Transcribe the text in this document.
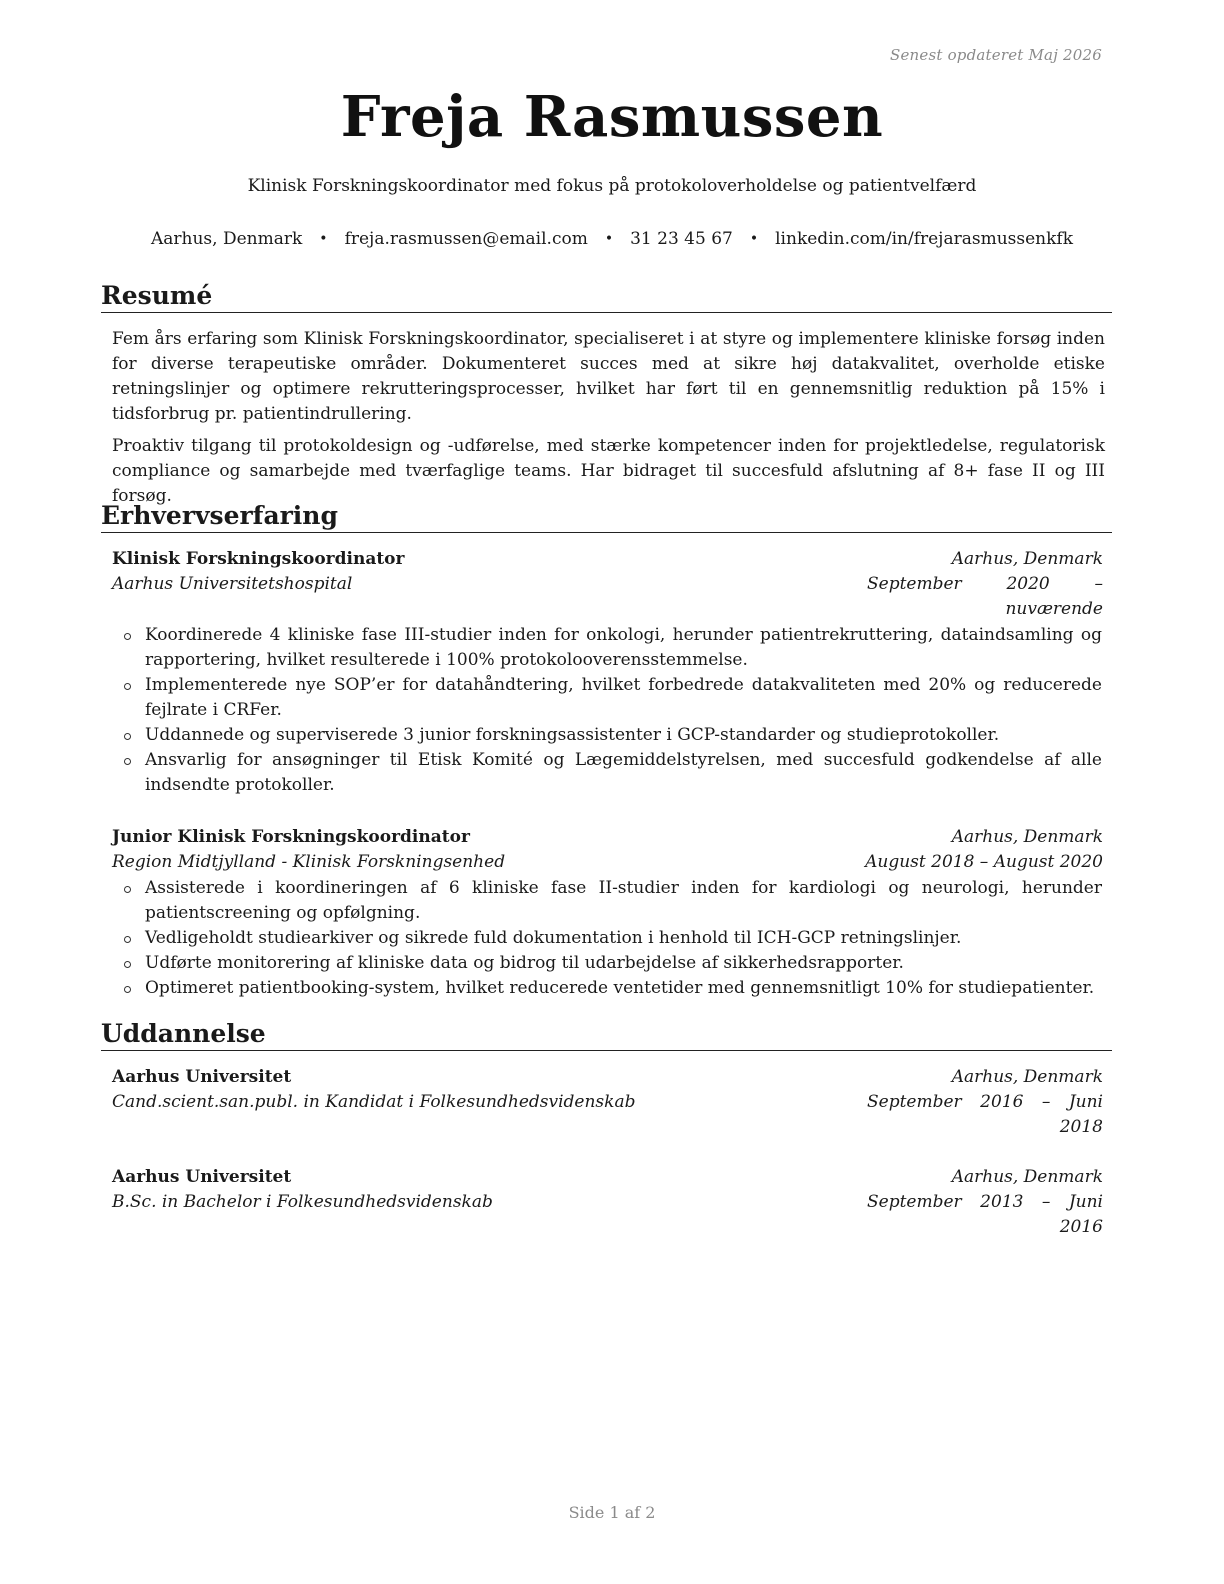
Senest opdateret Maj 2026
Freja Rasmussen
Klinisk Forskningskoordinator med fokus på protokoloverholdelse og patientvelfærd
Aarhus, Denmark • freja.rasmussen@email.com • 31 23 45 67 • linkedin.com/in/frejarasmussenkfk
Resumé
Fem års erfaring som Klinisk Forskningskoordinator, specialiseret i at styre og implementere kliniske forsøg inden for diverse terapeutiske områder. Dokumenteret succes med at sikre høj datakvalitet, overholde etiske retningslinjer og optimere rekrutteringsprocesser, hvilket har ført til en gennemsnitlig reduktion på 15% i tidsforbrug pr. patientindrullering.
Proaktiv tilgang til protokoldesign og -udførelse, med stærke kompetencer inden for projektledelse, regulatorisk compliance og samarbejde med tværfaglige teams. Har bidraget til succesfuld afslutning af 8+ fase II og III forsøg.
Erhvervserfaring
Klinisk Forskningskoordinator	Aarhus, Denmark
Aarhus Universitetshospital	September 2020 – nuværende
Koordinerede 4 kliniske fase III-studier inden for onkologi, herunder patientrekruttering, dataindsamling og rapportering, hvilket resulterede i 100% protokolooverensstemmelse.
Implementerede nye SOP’er for datahåndtering, hvilket forbedrede datakvaliteten med 20% og reducerede fejlrate i CRFer.
Uddannede og superviserede 3 junior forskningsassistenter i GCP-standarder og studieprotokoller.
Ansvarlig for ansøgninger til Etisk Komité og Lægemiddelstyrelsen, med succesfuld godkendelse af alle indsendte protokoller.
Junior Klinisk Forskningskoordinator	Aarhus, Denmark
Region Midtjylland - Klinisk Forskningsenhed	August 2018 – August 2020
Assisterede i koordineringen af 6 kliniske fase II-studier inden for kardiologi og neurologi, herunder patientscreening og opfølgning.
Vedligeholdt studiearkiver og sikrede fuld dokumentation i henhold til ICH-GCP retningslinjer.
Udførte monitorering af kliniske data og bidrog til udarbejdelse af sikkerhedsrapporter.
Optimeret patientbooking-system, hvilket reducerede ventetider med gennemsnitligt 10% for studiepatienter.
Uddannelse
Aarhus Universitet	Aarhus, Denmark
Cand.scient.san.publ. in Kandidat i Folkesundhedsvidenskab	September 2016 – Juni 2018
Aarhus Universitet	Aarhus, Denmark
B.Sc. in Bachelor i Folkesundhedsvidenskab	September 2013 – Juni 2016
Side 1 af 2
